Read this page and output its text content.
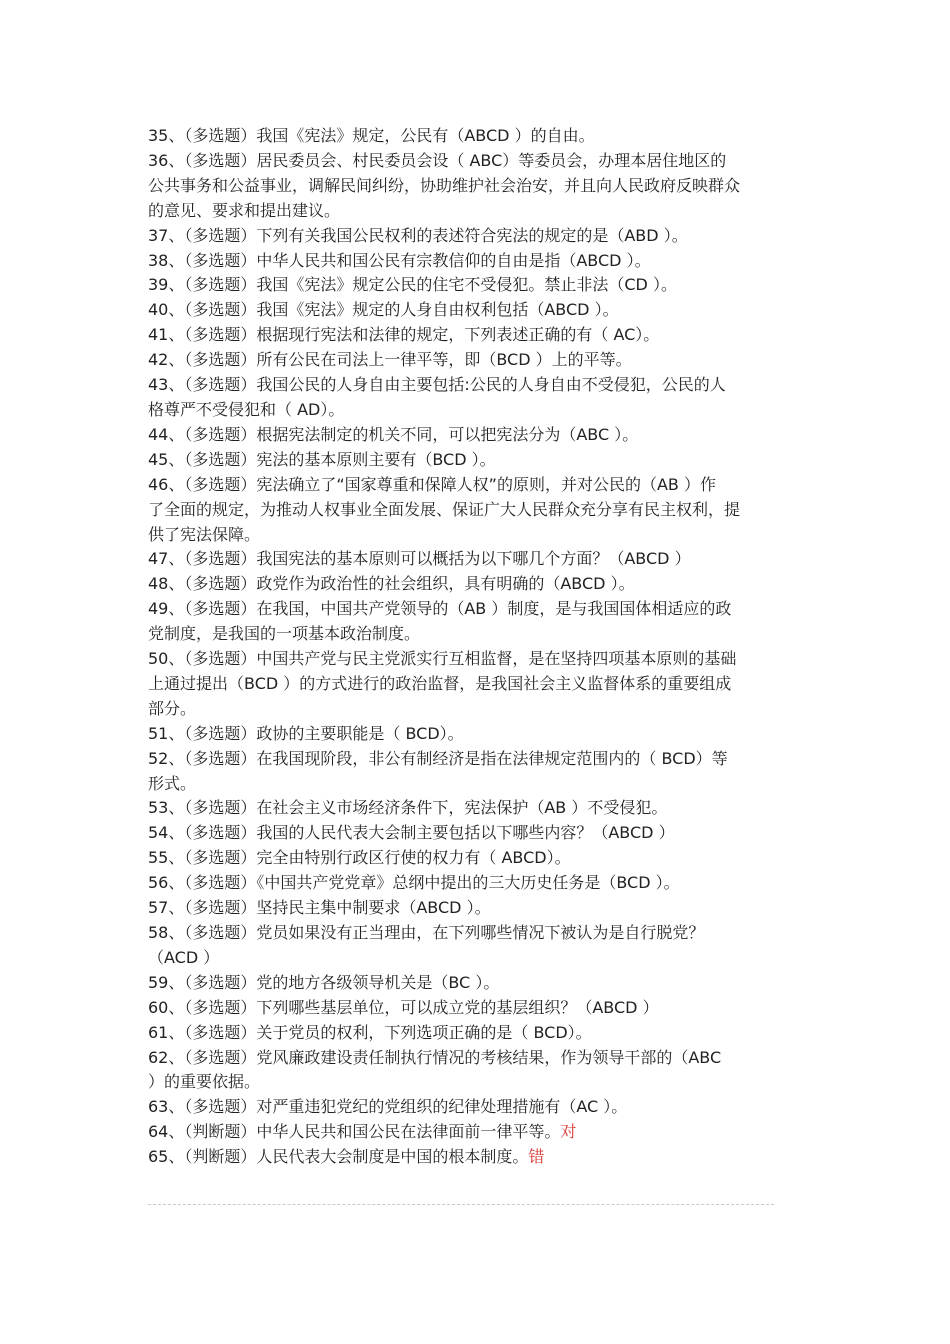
35、（多选题）我国《宪法》规定，公民有（ABCD ）的自由。
36、（多选题）居民委员会、村民委员会设（ ABC）等委员会，办理本居住地区的
公共事务和公益事业，调解民间纠纷，协助维护社会治安，并且向人民政府反映群众
的意见、要求和提出建议。
37、（多选题）下列有关我国公民权利的表述符合宪法的规定的是（ABD ）。
38、（多选题）中华人民共和国公民有宗教信仰的自由是指（ABCD ）。
39、（多选题）我国《宪法》规定公民的住宅不受侵犯。禁止非法（CD ）。
40、（多选题）我国《宪法》规定的人身自由权利包括（ABCD ）。
41、（多选题）根据现行宪法和法律的规定，下列表述正确的有（ AC）。
42、（多选题）所有公民在司法上一律平等，即（BCD ）上的平等。
43、（多选题）我国公民的人身自由主要包括:公民的人身自由不受侵犯，公民的人
格尊严不受侵犯和（ AD）。
44、（多选题）根据宪法制定的机关不同，可以把宪法分为（ABC ）。
45、（多选题）宪法的基本原则主要有（BCD ）。
46、（多选题）宪法确立了“国家尊重和保障人权”的原则，并对公民的（AB ）作
了全面的规定，为推动人权事业全面发展、保证广大人民群众充分享有民主权利，提
供了宪法保障。
47、（多选题）我国宪法的基本原则可以概括为以下哪几个方面？（ABCD ）
48、（多选题）政党作为政治性的社会组织，具有明确的（ABCD ）。
49、（多选题）在我国，中国共产党领导的（AB ）制度，是与我国国体相适应的政
党制度，是我国的一项基本政治制度。
50、（多选题）中国共产党与民主党派实行互相监督，是在坚持四项基本原则的基础
上通过提出（BCD ）的方式进行的政治监督，是我国社会主义监督体系的重要组成
部分。
51、（多选题）政协的主要职能是（ BCD）。
52、（多选题）在我国现阶段，非公有制经济是指在法律规定范围内的（ BCD）等
形式。
53、（多选题）在社会主义市场经济条件下，宪法保护（AB ）不受侵犯。
54、（多选题）我国的人民代表大会制主要包括以下哪些内容？（ABCD ）
55、（多选题）完全由特别行政区行使的权力有（ ABCD）。
56、（多选题）《中国共产党党章》总纲中提出的三大历史任务是（BCD ）。
57、（多选题）坚持民主集中制要求（ABCD ）。
58、（多选题）党员如果没有正当理由，在下列哪些情况下被认为是自行脱党？
（ACD ）
59、（多选题）党的地方各级领导机关是（BC ）。
60、（多选题）下列哪些基层单位，可以成立党的基层组织？（ABCD ）
61、（多选题）关于党员的权利，下列选项正确的是（ BCD）。
62、（多选题）党风廉政建设责任制执行情况的考核结果，作为领导干部的（ABC
）的重要依据。
63、（多选题）对严重违犯党纪的党组织的纪律处理措施有（AC ）。
64、（判断题）中华人民共和国公民在法律面前一律平等。对
65、（判断题）人民代表大会制度是中国的根本制度。错
